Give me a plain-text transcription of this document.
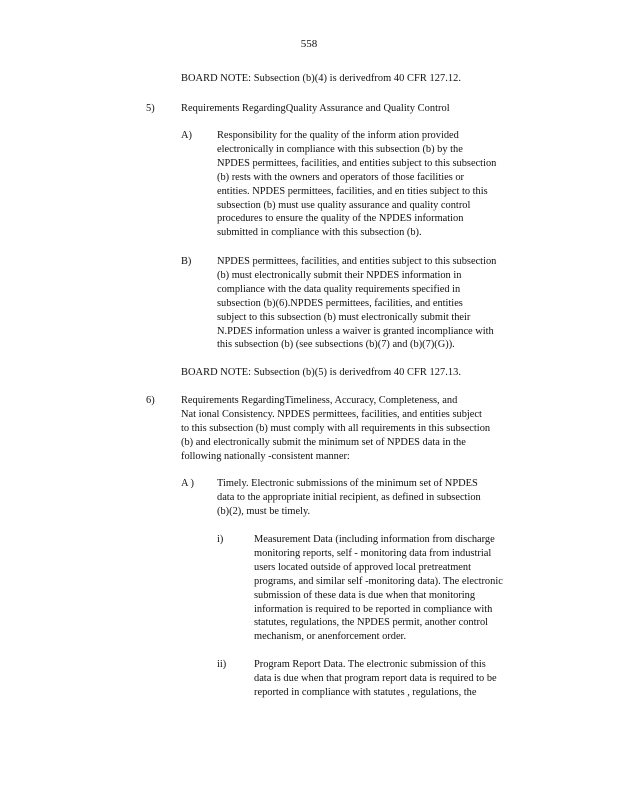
558
BOARD NOTE: Subsection (b)(4) is derivedfrom 40 CFR 127.12.
5)	Requirements RegardingQuality Assurance and Quality Control
A) Responsibility for the quality of the inform ation provided
electronically in compliance with this subsection (b) by the
NPDES permittees, facilities, and entities subject to this subsection
(b) rests with the owners and operators of those facilities or
entities. NPDES permittees, facilities, and en tities subject to this
subsection (b) must use quality assurance and quality control
procedures to ensure the quality of the NPDES information
submitted in compliance with this subsection (b).
B) NPDES permittees, facilities, and entities subject to this subsection
(b) must electronically submit their NPDES information in
compliance with the data quality requirements specified in
subsection (b)(6).NPDES permittees, facilities, and entities
subject to this subsection (b) must electronically submit their
N.PDES information unless a waiver is granted incompliance with
this subsection (b) (see subsections (b)(7) and (b)(7)(G)).
BOARD NOTE: Subsection (b)(5) is derivedfrom 40 CFR 127.13.
6)	Requirements RegardingTimeliness, Accuracy, Completeness, and
Nat ional Consistency. NPDES permittees, facilities, and entities subject
to this subsection (b) must comply with all requirements in this subsection
(b) and electronically submit the minimum set of NPDES data in the
following nationally -consistent manner:
A ) Timely. Electronic submissions of the minimum set of NPDES
data to the appropriate initial recipient, as defined in subsection
(b)(2), must be timely.
i)	Measurement Data (including information from discharge
monitoring reports, self - monitoring data from industrial
users located outside of approved local pretreatment
programs, and similar self -monitoring data). The electronic
submission of these data is due when that monitoring
information is required to be reported in compliance with
statutes, regulations, the NPDES permit, another control
mechanism, or anenforcement order.
ii)	Program Report Data. The electronic submission of this
data is due when that program report data is required to be
reported in compliance with statutes , regulations, the
